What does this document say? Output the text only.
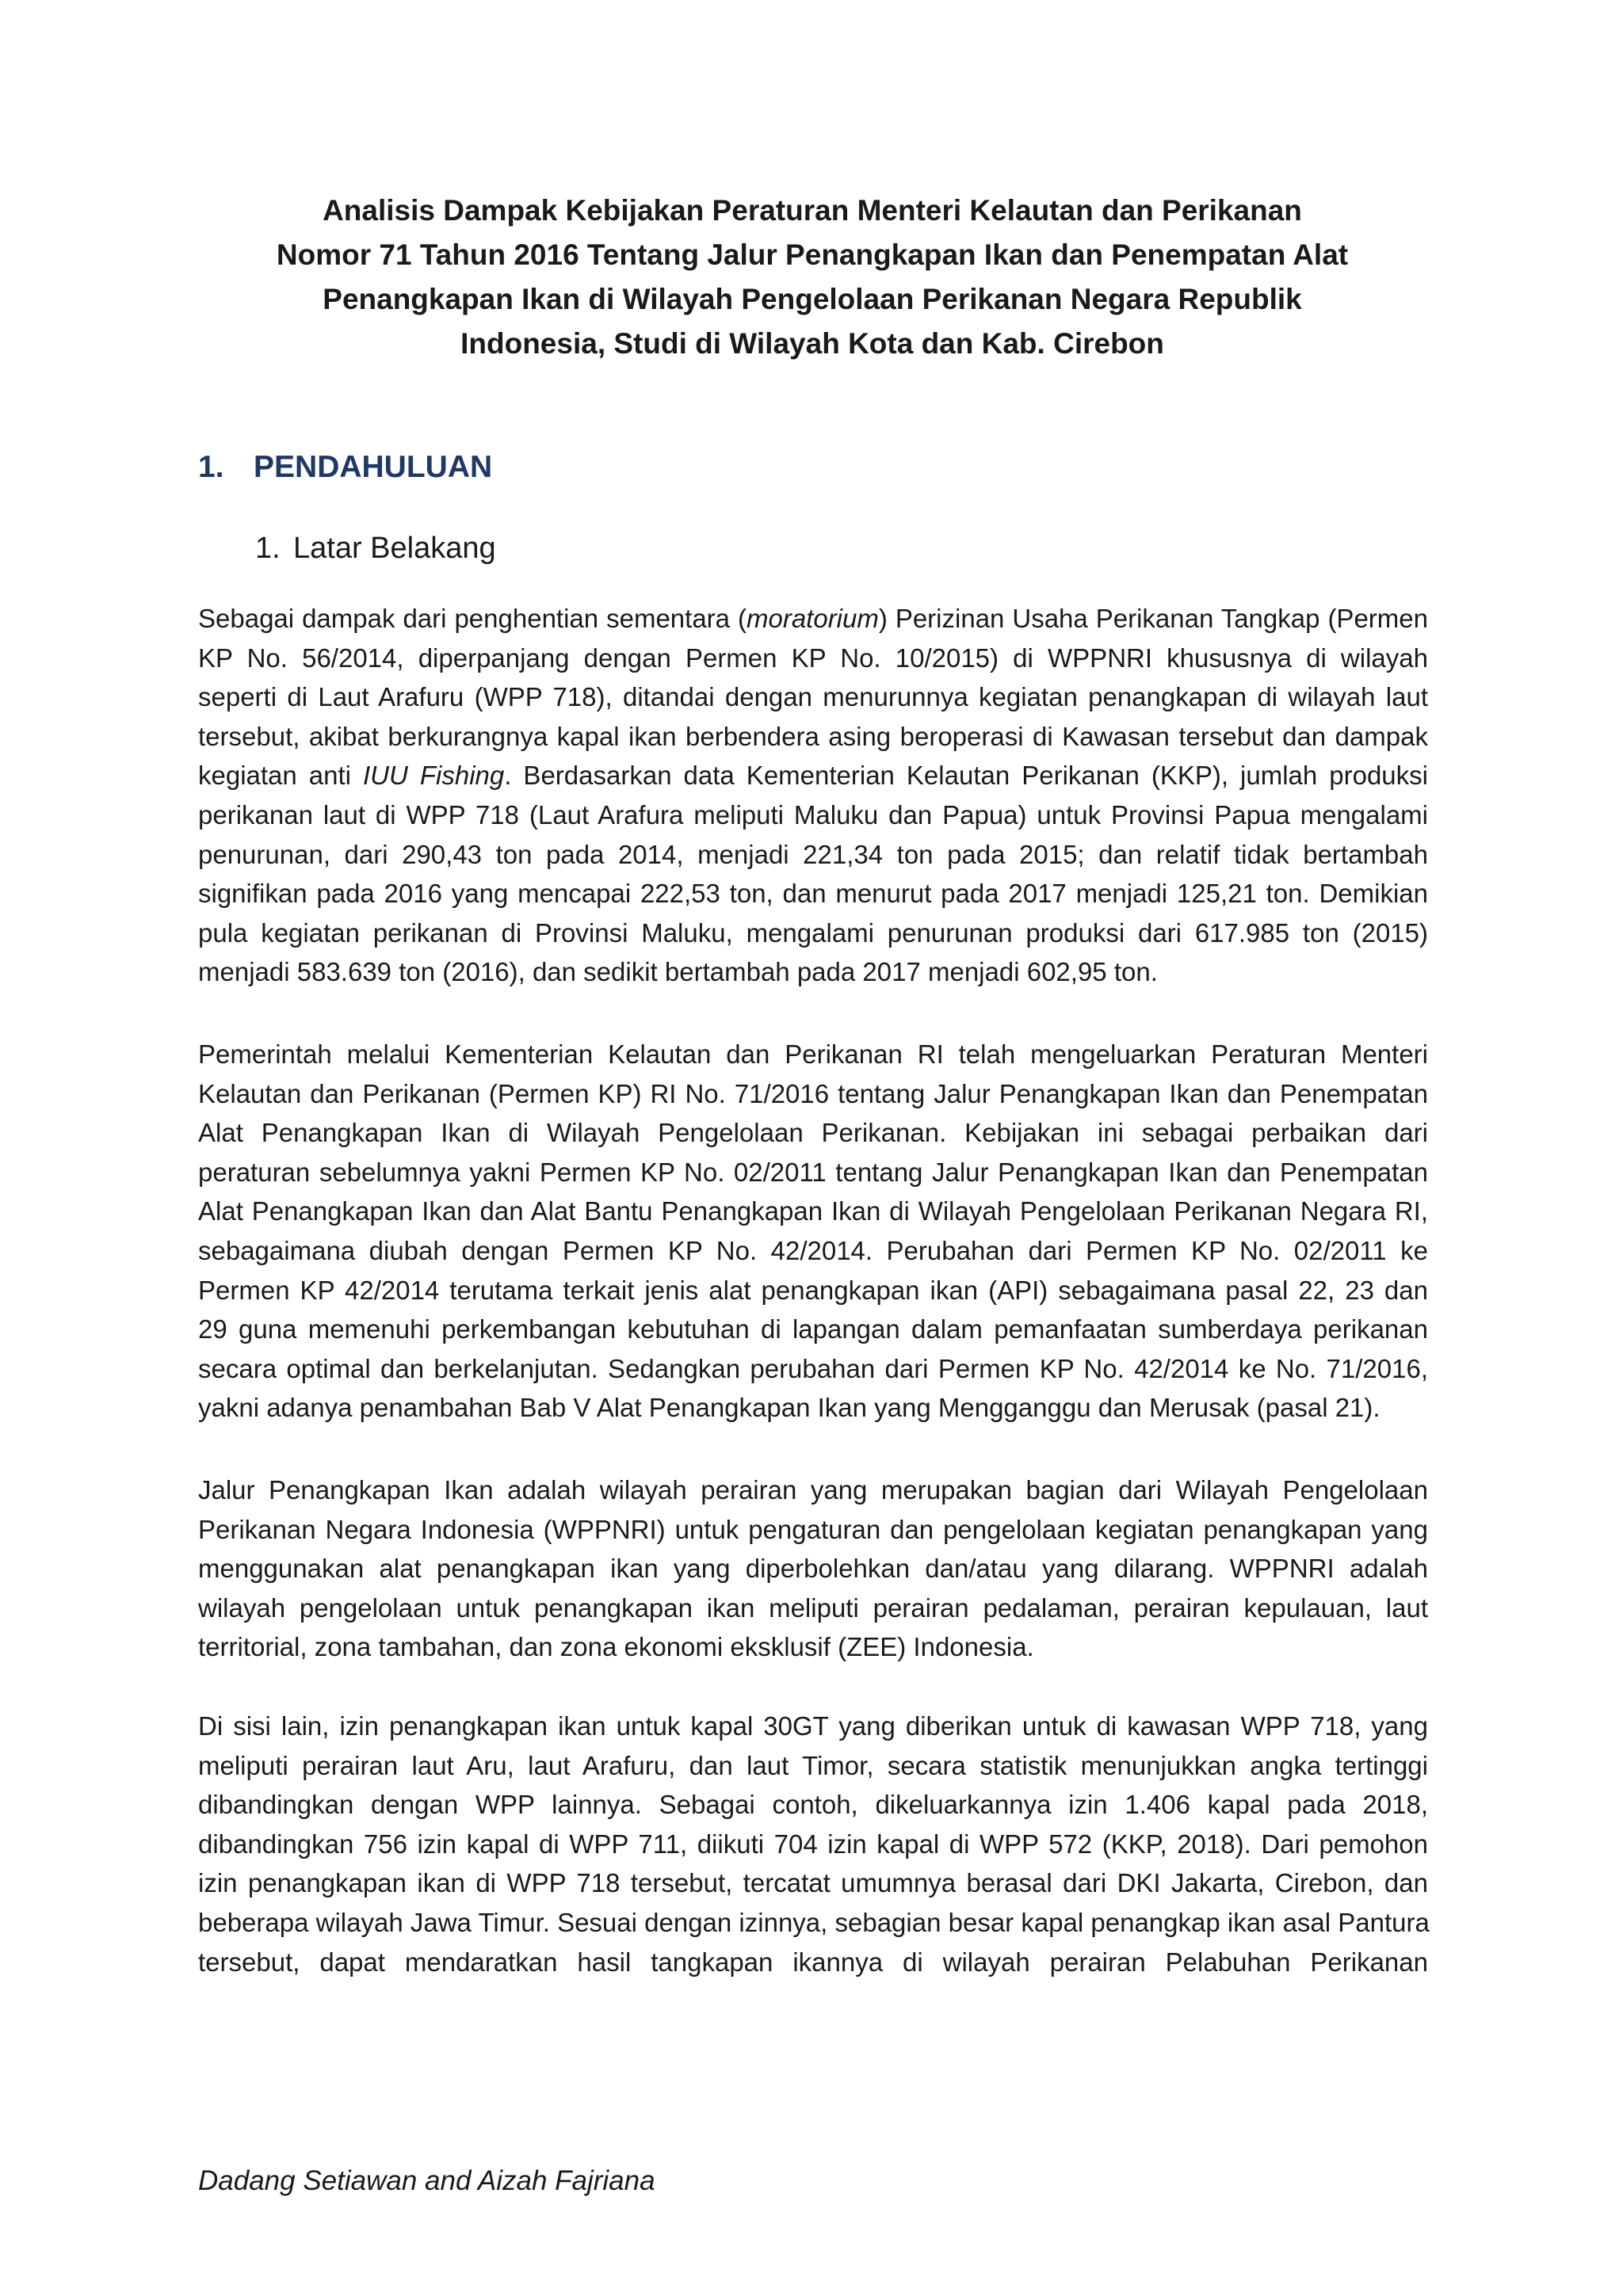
Analisis Dampak Kebijakan Peraturan Menteri Kelautan dan Perikanan
Nomor 71 Tahun 2016 Tentang Jalur Penangkapan Ikan dan Penempatan Alat
Penangkapan Ikan di Wilayah Pengelolaan Perikanan Negara Republik
Indonesia, Studi di Wilayah Kota dan Kab. Cirebon
1. PENDAHULUAN
1. Latar Belakang
Sebagai dampak dari penghentian sementara (moratorium) Perizinan Usaha Perikanan Tangkap (Permen
KP No. 56/2014, diperpanjang dengan Permen KP No. 10/2015) di WPPNRI khususnya di wilayah
seperti di Laut Arafuru (WPP 718), ditandai dengan menurunnya kegiatan penangkapan di wilayah laut
tersebut, akibat berkurangnya kapal ikan berbendera asing beroperasi di Kawasan tersebut dan dampak
kegiatan anti IUU Fishing. Berdasarkan data Kementerian Kelautan Perikanan (KKP), jumlah produksi
perikanan laut di WPP 718 (Laut Arafura meliputi Maluku dan Papua) untuk Provinsi Papua mengalami
penurunan, dari 290,43 ton pada 2014, menjadi 221,34 ton pada 2015; dan relatif tidak bertambah
signifikan pada 2016 yang mencapai 222,53 ton, dan menurut pada 2017 menjadi 125,21 ton. Demikian
pula kegiatan perikanan di Provinsi Maluku, mengalami penurunan produksi dari 617.985 ton (2015)
menjadi 583.639 ton (2016), dan sedikit bertambah pada 2017 menjadi 602,95 ton.
Pemerintah melalui Kementerian Kelautan dan Perikanan RI telah mengeluarkan Peraturan Menteri
Kelautan dan Perikanan (Permen KP) RI No. 71/2016 tentang Jalur Penangkapan Ikan dan Penempatan
Alat Penangkapan Ikan di Wilayah Pengelolaan Perikanan. Kebijakan ini sebagai perbaikan dari
peraturan sebelumnya yakni Permen KP No. 02/2011 tentang Jalur Penangkapan Ikan dan Penempatan
Alat Penangkapan Ikan dan Alat Bantu Penangkapan Ikan di Wilayah Pengelolaan Perikanan Negara RI,
sebagaimana diubah dengan Permen KP No. 42/2014. Perubahan dari Permen KP No. 02/2011 ke
Permen KP 42/2014 terutama terkait jenis alat penangkapan ikan (API) sebagaimana pasal 22, 23 dan
29 guna memenuhi perkembangan kebutuhan di lapangan dalam pemanfaatan sumberdaya perikanan
secara optimal dan berkelanjutan. Sedangkan perubahan dari Permen KP No. 42/2014 ke No. 71/2016,
yakni adanya penambahan Bab V Alat Penangkapan Ikan yang Mengganggu dan Merusak (pasal 21).
Jalur Penangkapan Ikan adalah wilayah perairan yang merupakan bagian dari Wilayah Pengelolaan
Perikanan Negara Indonesia (WPPNRI) untuk pengaturan dan pengelolaan kegiatan penangkapan yang
menggunakan alat penangkapan ikan yang diperbolehkan dan/atau yang dilarang. WPPNRI adalah
wilayah pengelolaan untuk penangkapan ikan meliputi perairan pedalaman, perairan kepulauan, laut
territorial, zona tambahan, dan zona ekonomi eksklusif (ZEE) Indonesia.
Di sisi lain, izin penangkapan ikan untuk kapal 30GT yang diberikan untuk di kawasan WPP 718, yang
meliputi perairan laut Aru, laut Arafuru, dan laut Timor, secara statistik menunjukkan angka tertinggi
dibandingkan dengan WPP lainnya. Sebagai contoh, dikeluarkannya izin 1.406 kapal pada 2018,
dibandingkan 756 izin kapal di WPP 711, diikuti 704 izin kapal di WPP 572 (KKP, 2018). Dari pemohon
izin penangkapan ikan di WPP 718 tersebut, tercatat umumnya berasal dari DKI Jakarta, Cirebon, dan
beberapa wilayah Jawa Timur. Sesuai dengan izinnya, sebagian besar kapal penangkap ikan asal Pantura
tersebut, dapat mendaratkan hasil tangkapan ikannya di wilayah perairan Pelabuhan Perikanan
Dadang Setiawan and Aizah Fajriana
